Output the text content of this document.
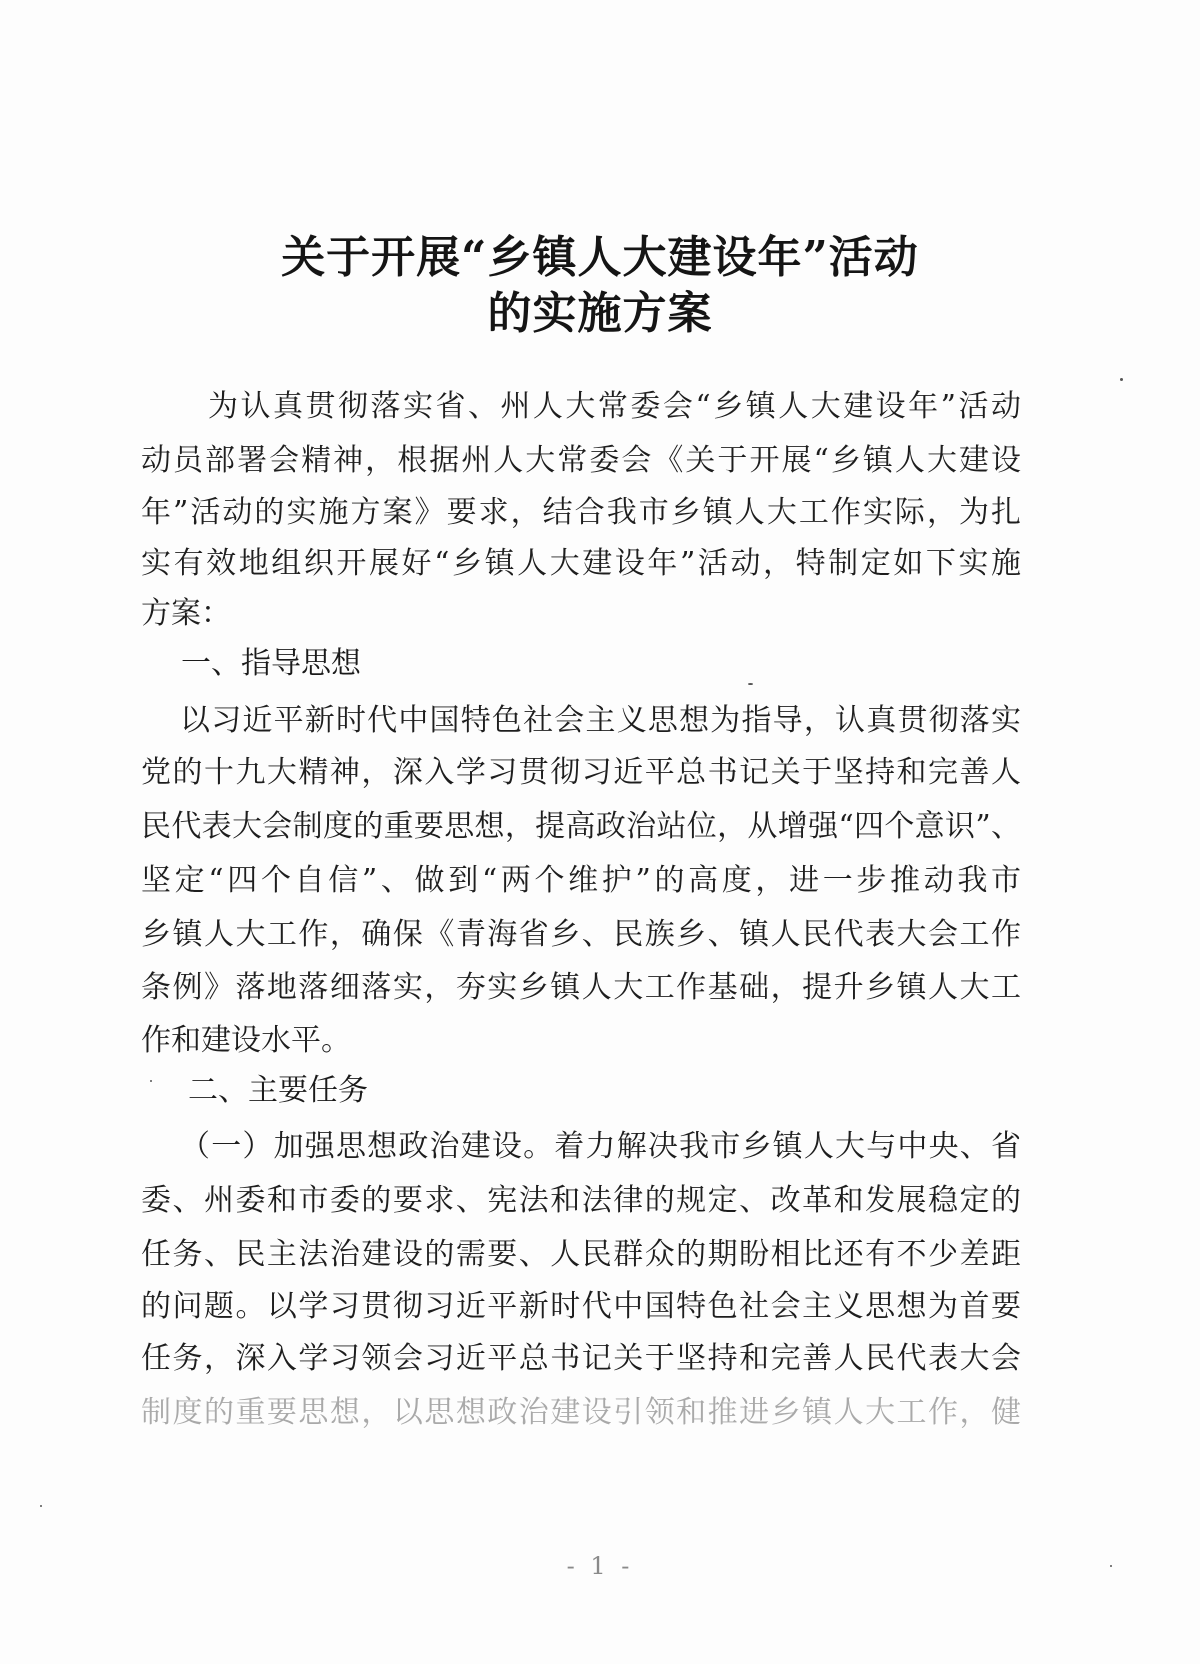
关于开展“乡镇人大建设年”活动
的实施方案
为认真贯彻落实省、州人大常委会“乡镇人大建设年”活动
动员部署会精神，根据州人大常委会《关于开展“乡镇人大建设
年”活动的实施方案》要求，结合我市乡镇人大工作实际，为扎
实有效地组织开展好“乡镇人大建设年”活动，特制定如下实施
方案：
一、指导思想
以习近平新时代中国特色社会主义思想为指导，认真贯彻落实
党的十九大精神，深入学习贯彻习近平总书记关于坚持和完善人
民代表大会制度的重要思想，提高政治站位，从增强“四个意识”、
坚定“四个自信”、做到“两个维护”的高度，进一步推动我市
乡镇人大工作，确保《青海省乡、民族乡、镇人民代表大会工作
条例》落地落细落实，夯实乡镇人大工作基础，提升乡镇人大工
作和建设水平。
二、主要任务
（一）加强思想政治建设。着力解决我市乡镇人大与中央、省
委、州委和市委的要求、宪法和法律的规定、改革和发展稳定的
任务、民主法治建设的需要、人民群众的期盼相比还有不少差距
的问题。以学习贯彻习近平新时代中国特色社会主义思想为首要
任务，深入学习领会习近平总书记关于坚持和完善人民代表大会
制度的重要思想，以思想政治建设引领和推进乡镇人大工作，健
- 1 -
